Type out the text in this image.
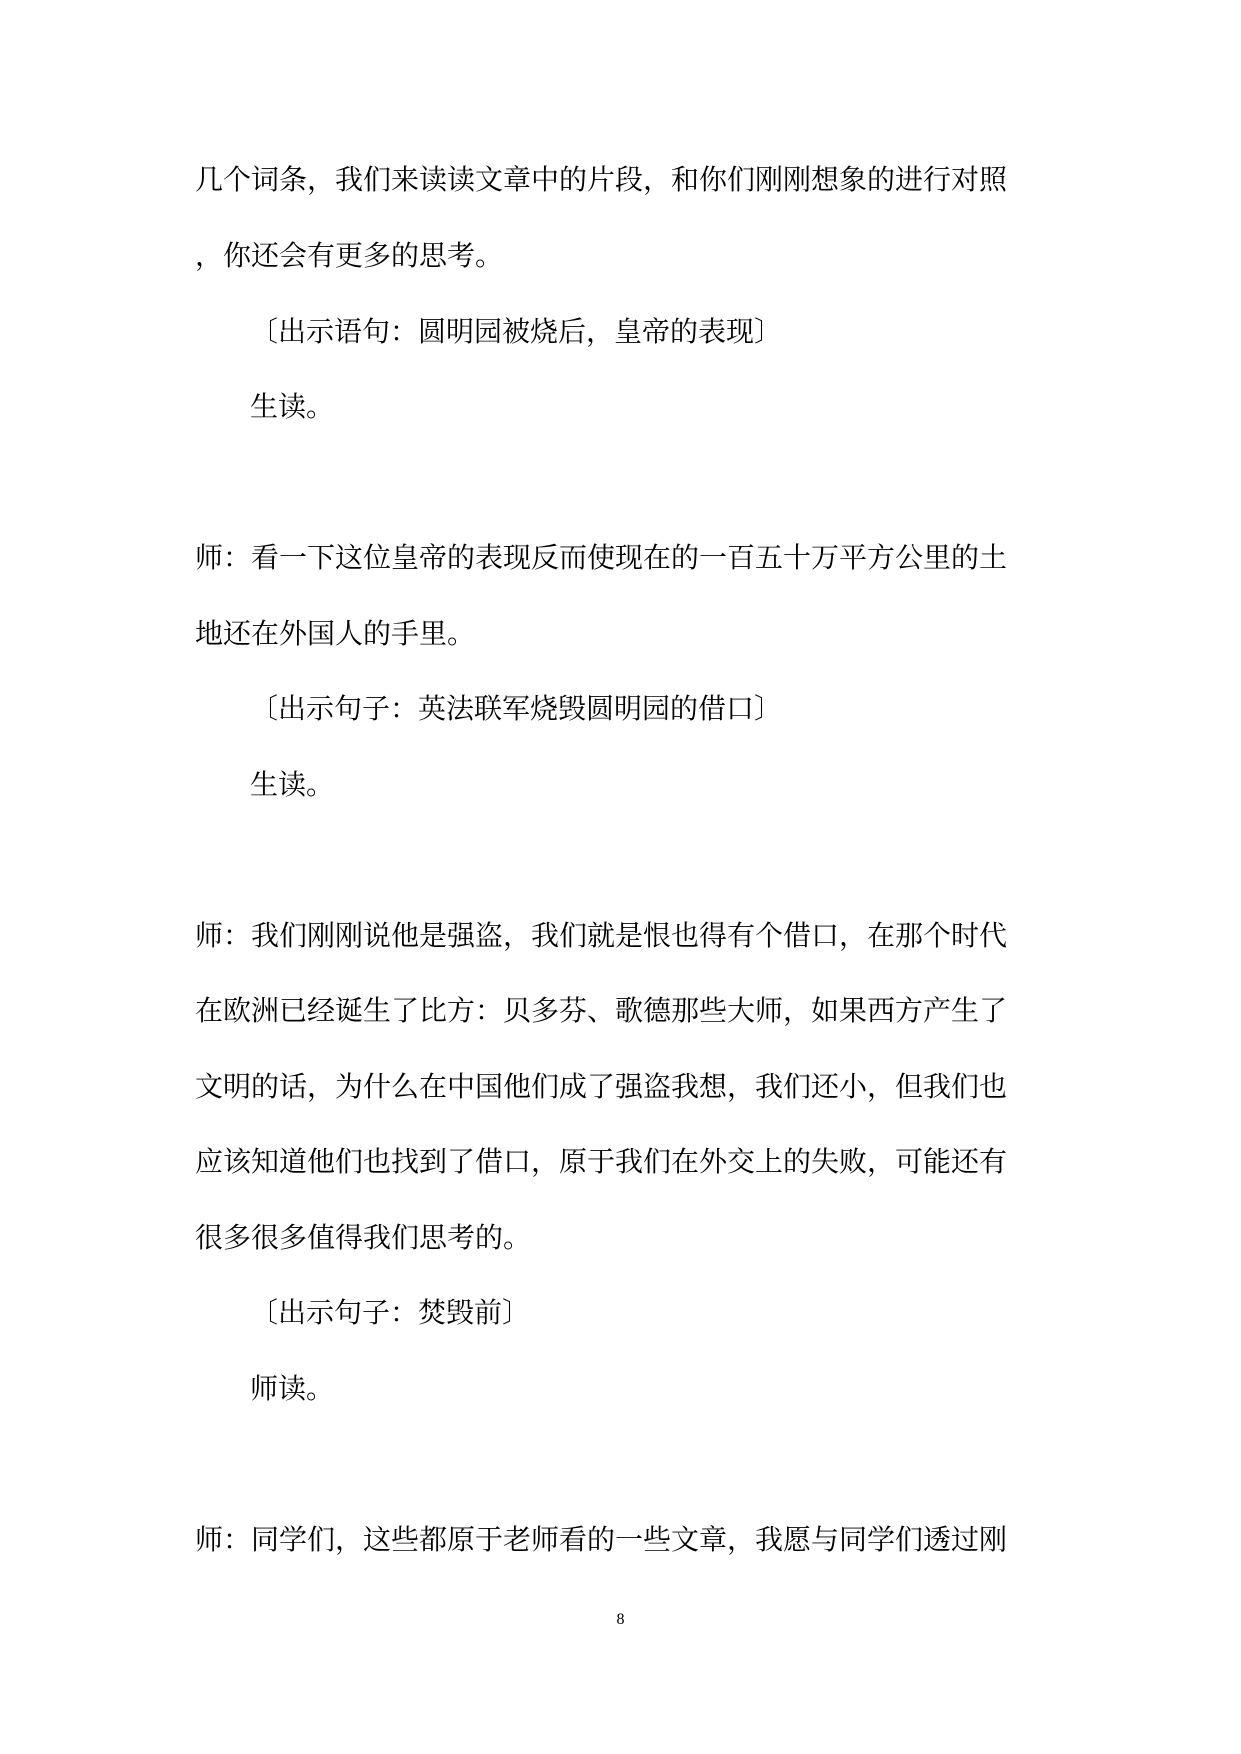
几个词条，我们来读读文章中的片段，和你们刚刚想象的进行对照
，你还会有更多的思考。
〔出示语句：圆明园被烧后，皇帝的表现〕
生读。
师：看一下这位皇帝的表现反而使现在的一百五十万平方公里的土
地还在外国人的手里。
〔出示句子：英法联军烧毁圆明园的借口〕
生读。
师：我们刚刚说他是强盗，我们就是恨也得有个借口，在那个时代
在欧洲已经诞生了比方：贝多芬、歌德那些大师，如果西方产生了
文明的话，为什么在中国他们成了强盗我想，我们还小，但我们也
应该知道他们也找到了借口，原于我们在外交上的失败，可能还有
很多很多值得我们思考的。
〔出示句子：焚毁前〕
师读。
师：同学们，这些都原于老师看的一些文章，我愿与同学们透过刚
8
